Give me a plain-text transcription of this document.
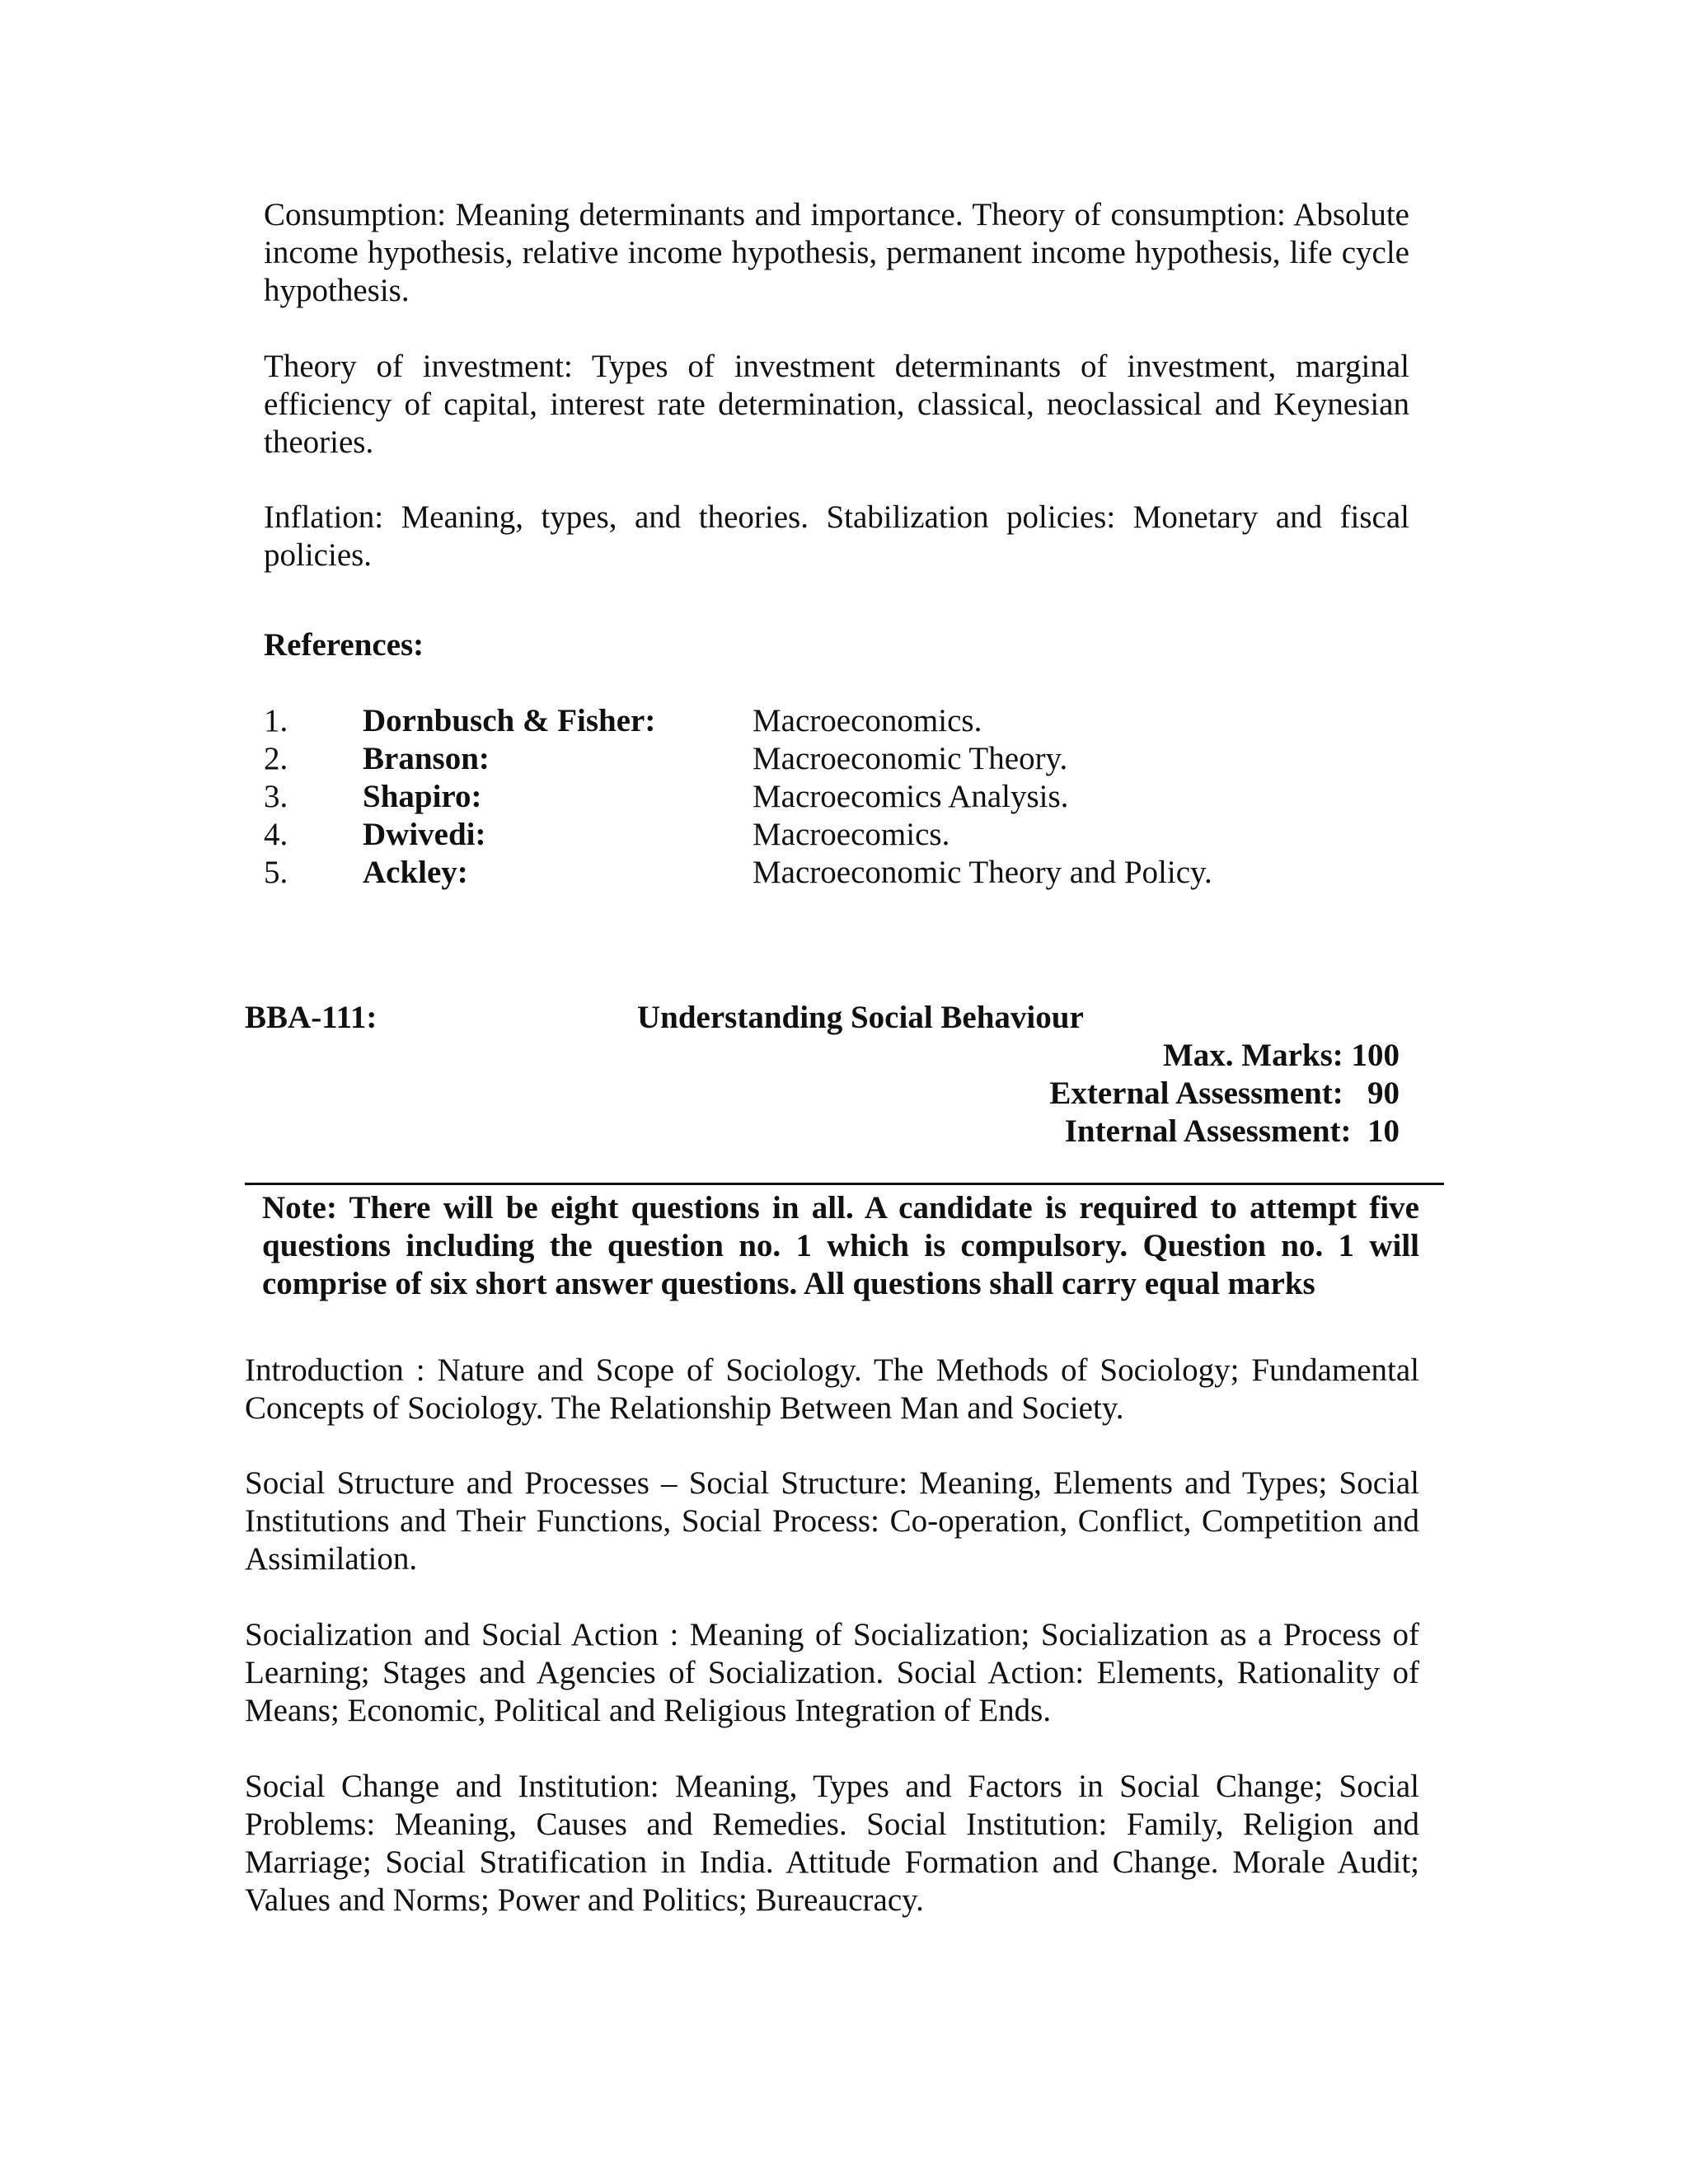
Consumption: Meaning determinants and importance. Theory of consumption: Absolute income hypothesis, relative income hypothesis, permanent income hypothesis, life cycle hypothesis.

Theory of investment: Types of investment determinants of investment, marginal efficiency of capital, interest rate determination, classical, neoclassical and Keynesian theories.

Inflation: Meaning, types, and theories. Stabilization policies: Monetary and fiscal policies.

References:

1. Dornbusch & Fisher:	Macroeconomics.
2. Branson:	Macroeconomic Theory.
3. Shapiro:	Macroecomics Analysis.
4. Dwivedi:	Macroecomics.
5. Ackley:	Macroeconomic Theory and Policy.
BBA-111:	Understanding Social Behaviour
Max. Marks: 100
External Assessment:   90
Internal Assessment:  10

Note: There will be eight questions in all. A candidate is required to attempt five questions including the question no. 1 which is compulsory. Question no. 1 will comprise of six short answer questions. All questions shall carry equal marks

Introduction : Nature and Scope of Sociology. The Methods of Sociology; Fundamental Concepts of Sociology. The Relationship Between Man and Society.

Social Structure and Processes – Social Structure: Meaning, Elements and Types; Social Institutions and Their Functions, Social Process: Co-operation, Conflict, Competition and Assimilation.

Socialization and Social Action : Meaning of Socialization; Socialization as a Process of Learning; Stages and Agencies of Socialization. Social Action: Elements, Rationality of Means; Economic, Political and Religious Integration of Ends.

Social Change and Institution: Meaning, Types and Factors in Social Change; Social Problems: Meaning, Causes and Remedies. Social Institution: Family, Religion and Marriage; Social Stratification in India. Attitude Formation and Change. Morale Audit; Values and Norms; Power and Politics; Bureaucracy.
